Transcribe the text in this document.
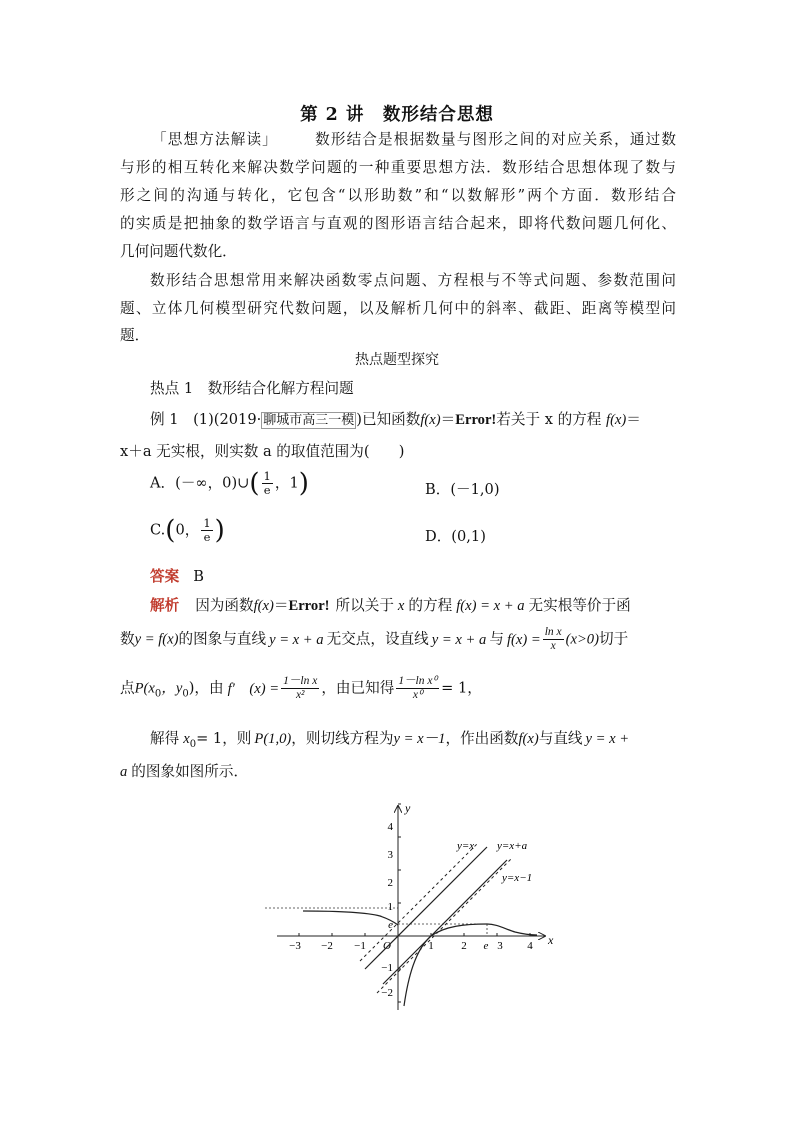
第 2 讲　数形结合思想
「思想方法解读」 数形结合是根据数量与图形之间的对应关系，通过数
与形的相互转化来解决数学问题的一种重要思想方法．数形结合思想体现了数与
形之间的沟通与转化，它包含“以形助数”和“以数解形”两个方面．数形结合
的实质是把抽象的数学语言与直观的图形语言结合起来，即将代数问题几何化、
几何问题代数化．
数形结合思想常用来解决函数零点问题、方程根与不等式问题、参数范围问
题、立体几何模型研究代数问题，以及解析几何中的斜率、截距、距离等模型问
题．
热点题型探究
热点 1　数形结合化解方程问题
例 1　(1)(2019· 聊城市高三一模 )已知函数f(x)＝Error!若关于 x 的方程 f(x)＝
x＋a 无实根，则实数 a 的取值范围为(　　)
A．(－∞，0)∪( $\frac{1}{e}$ ，1)	B．(－1,0)
C.(0， $\frac{1}{e}$ )	D．(0,1)
答案 B
解析 因为函数f(x)＝Error! 所以关于 x 的方程 f(x) = x + a 无实根等价于函
数y = f(x)的图象与直线 y = x + a 无交点，设直线 y = x + a 与 $f(x) = \frac{\text{ln x}}{x} (x>0)$切于
点$P(x_0$，$y_0$)，由 f′　$(x) = \frac{\text{1－ln x}}{\text{x²}}$ ，由已知得 $\frac{\text{1－ln x⁰}}{\text{x⁰}} = 1$，
解得 $x_0= 1$，则 P(1,0)，则切线方程为y = x－1，作出函数f(x)与直线 y = x +
a 的图象如图所示．
x
y
−3 −2 −1	1	2	3 4
e
O
4
3
2
1
−1
−2
e
y=x y=x+a
y=x−1
